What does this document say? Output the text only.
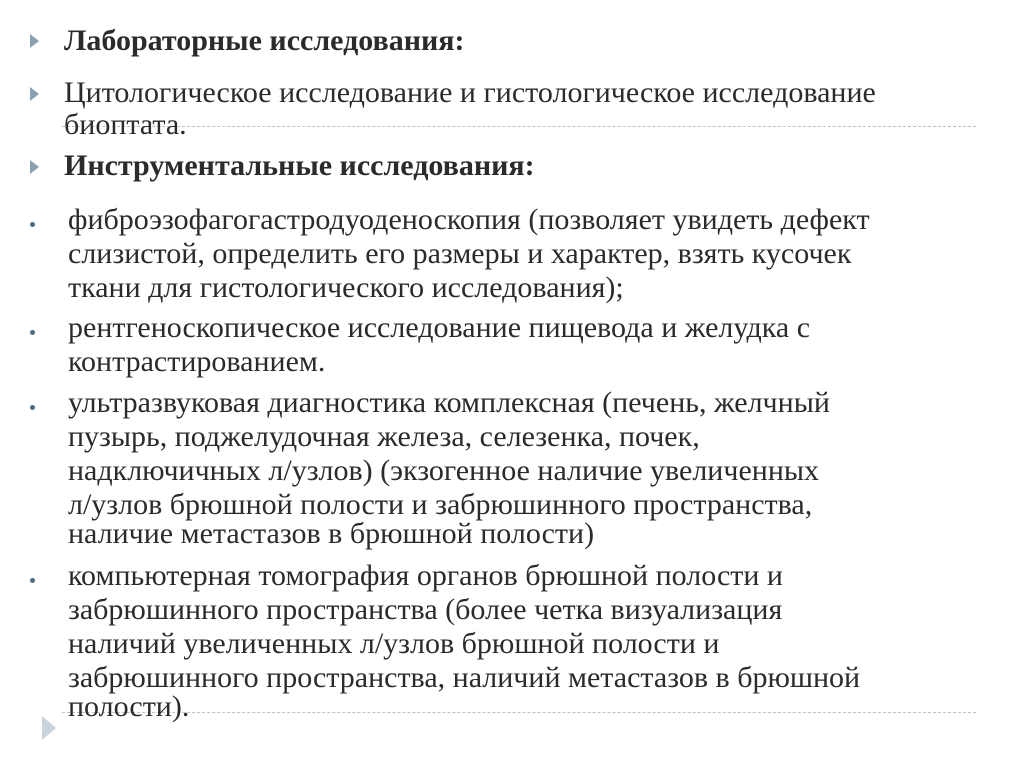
Лабораторные исследования:

Цитологическое исследование и гистологическое исследование

биоптата.

Инструментальные исследования:

фиброэзофагогастродуоденоскопия (позволяет увидеть дефект

слизистой, определить его размеры и характер, взять кусочек

ткани для гистологического исследования);

рентгеноскопическое исследование пищевода и желудка с

контрастированием.

ультразвуковая диагностика комплексная (печень, желчный

пузырь, поджелудочная железа, селезенка, почек,

надключичных л/узлов) (экзогенное наличие увеличенных

л/узлов брюшной полости и забрюшинного пространства,

наличие метастазов в брюшной полости)

компьютерная томография органов брюшной полости и

забрюшинного пространства (более четка визуализация

наличий увеличенных л/узлов брюшной полости и

забрюшинного пространства, наличий метастазов в брюшной

полости).
